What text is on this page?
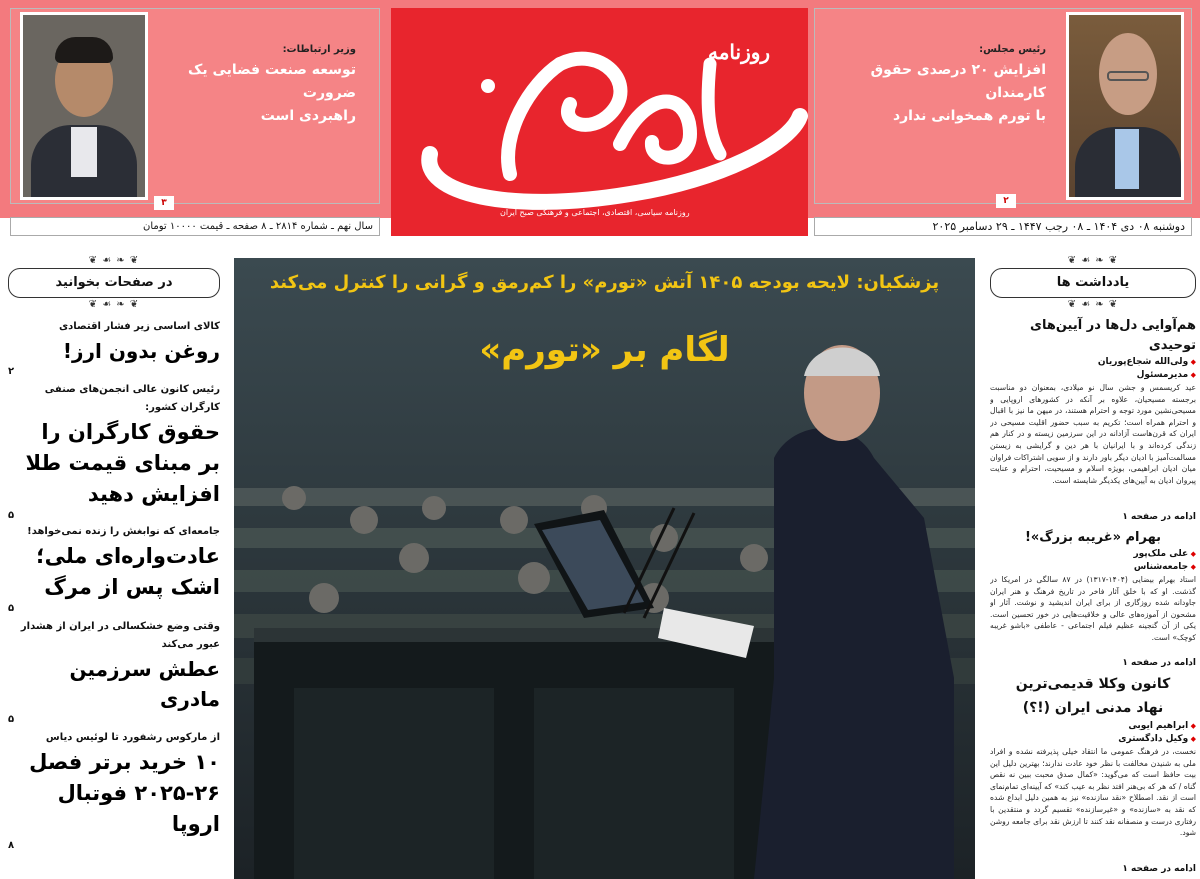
وزیر ارتباطات:
توسعه صنعت فضایی یک ضرورت
راهبردی است
۳
رئیس مجلس:
افزایش ۲۰ درصدی حقوق کارمندان
با تورم همخوانی ندارد
۲
روزنامه
روزنامه سیاسی، اقتصادی، اجتماعی و فرهنگی صبح ایران
سال نهم ـ شماره ۲۸۱۴ ـ ۸ صفحه ـ قیمت ۱۰۰۰۰ تومان	دوشنبه ۰۸ دی ۱۴۰۴ ـ ۰۸ رجب ۱۴۴۷ ـ ۲۹ دسامبر ۲۰۲۵
❦ ❧ ☙ ❦
در صفحات بخوانید
❦ ❧ ☙ ❦
کالای اساسی زیر فشار اقتصادی
روغن بدون ارز!
۲
رئیس کانون عالی انجمن‌های صنفی کارگران کشور:
حقوق کارگران را
بر مبنای قیمت طلا
افزایش دهید
۵
جامعه‌ای که نوابغش را زنده نمی‌خواهد!
عادت‌واره‌ای ملی؛
اشک پس از مرگ
۵
وقتی وضع خشکسالی در ایران از هشدار عبور می‌کند
عطش سرزمین مادری
۵
از مارکوس رشفورد تا لوئیس دیاس
۱۰ خرید برتر فصل
۲۰۲۵-۲۶ فوتبال اروپا
۸
پزشکیان: لایحه بودجه ۱۴۰۵ آتش «تورم» را کم‌رمق و گرانی را کنترل می‌کند
لگام بر «تورم»
❦ ❧ ☙ ❦
یادداشت ها
❦ ❧ ☙ ❦
هم‌آوایی دل‌ها در آیین‌های توحیدی
◆ ولی‌الله شجاع‌پوریان
◆ مدیرمسئول
عید کریسمس و جشن سال نو میلادی، بمعنوان دو مناسبت برجسته مسیحیان، علاوه بر آنکه در کشورهای اروپایی و مسیحی‌نشین مورد توجه و احترام هستند، در میهن ما نیز با اقبال و احترام همراه است؛ تکریم به سبب حضور اقلیت مسیحی در ایران که قرن‌هاست آزادانه در این سرزمین زیسته و در کنار هم زندگی کرده‌اند و با ایرانیان با هر دین و گرایشی به زیستن مسالمت‌آمیز با ادیان دیگر باور دارند و از سویی اشتراکات فراوان میان ادیان ابراهیمی، بویژه اسلام و مسیحیت، احترام و عنایت پیروان ادیان به آیین‌های یکدیگر شایسته است.
ادامه در صفحه ۱
بهرام «غریبه بزرگ»!
◆ علی ملک‌پور
◆ جامعه‌شناس
استاد بهرام بیضایی (۱۴۰۴-۱۳۱۷) در ۸۷ سالگی در امریکا در گذشت. او که با خلق آثار فاخر در تاریخ فرهنگ و هنر ایران جاودانه شده روزگاری از برای ایران اندیشید و نوشت. آثار او مشحون از آموزه‌های عالی و خلاقیت‌هایی در خور تحسین است. یکی از آن گنجینه عظیم فیلم اجتماعی - عاطفی «باشو غریبه کوچک» است.
ادامه در صفحه ۱
کانون وکلا قدیمی‌ترین
نهاد مدنی ایران (!؟)
◆ ابراهیم ایوبی
◆ وکیل دادگستری
نخست، در فرهنگ عمومی ما انتقاد خیلی پذیرفته نشده و افراد ملی به شنیدن مخالفت با نظر خود عادت ندارند؛ بهترین دلیل این بیت حافظ است که می‌گوید: «کمال صدق محبت ببین نه نقص گناه / که هر که بی‌هنر افتد نظر به عیب کند» که آیینه‌ای تمام‌نمای است از نقد. اصطلاح «نقد سازنده» نیز به همین دلیل ابداع شده که نقد به «سازنده» و «غیرسازنده» تقسیم گردد و منتقدین با رفتاری درست و منصفانه نقد کنند تا ارزش نقد برای جامعه روشن شود.
ادامه در صفحه ۱
